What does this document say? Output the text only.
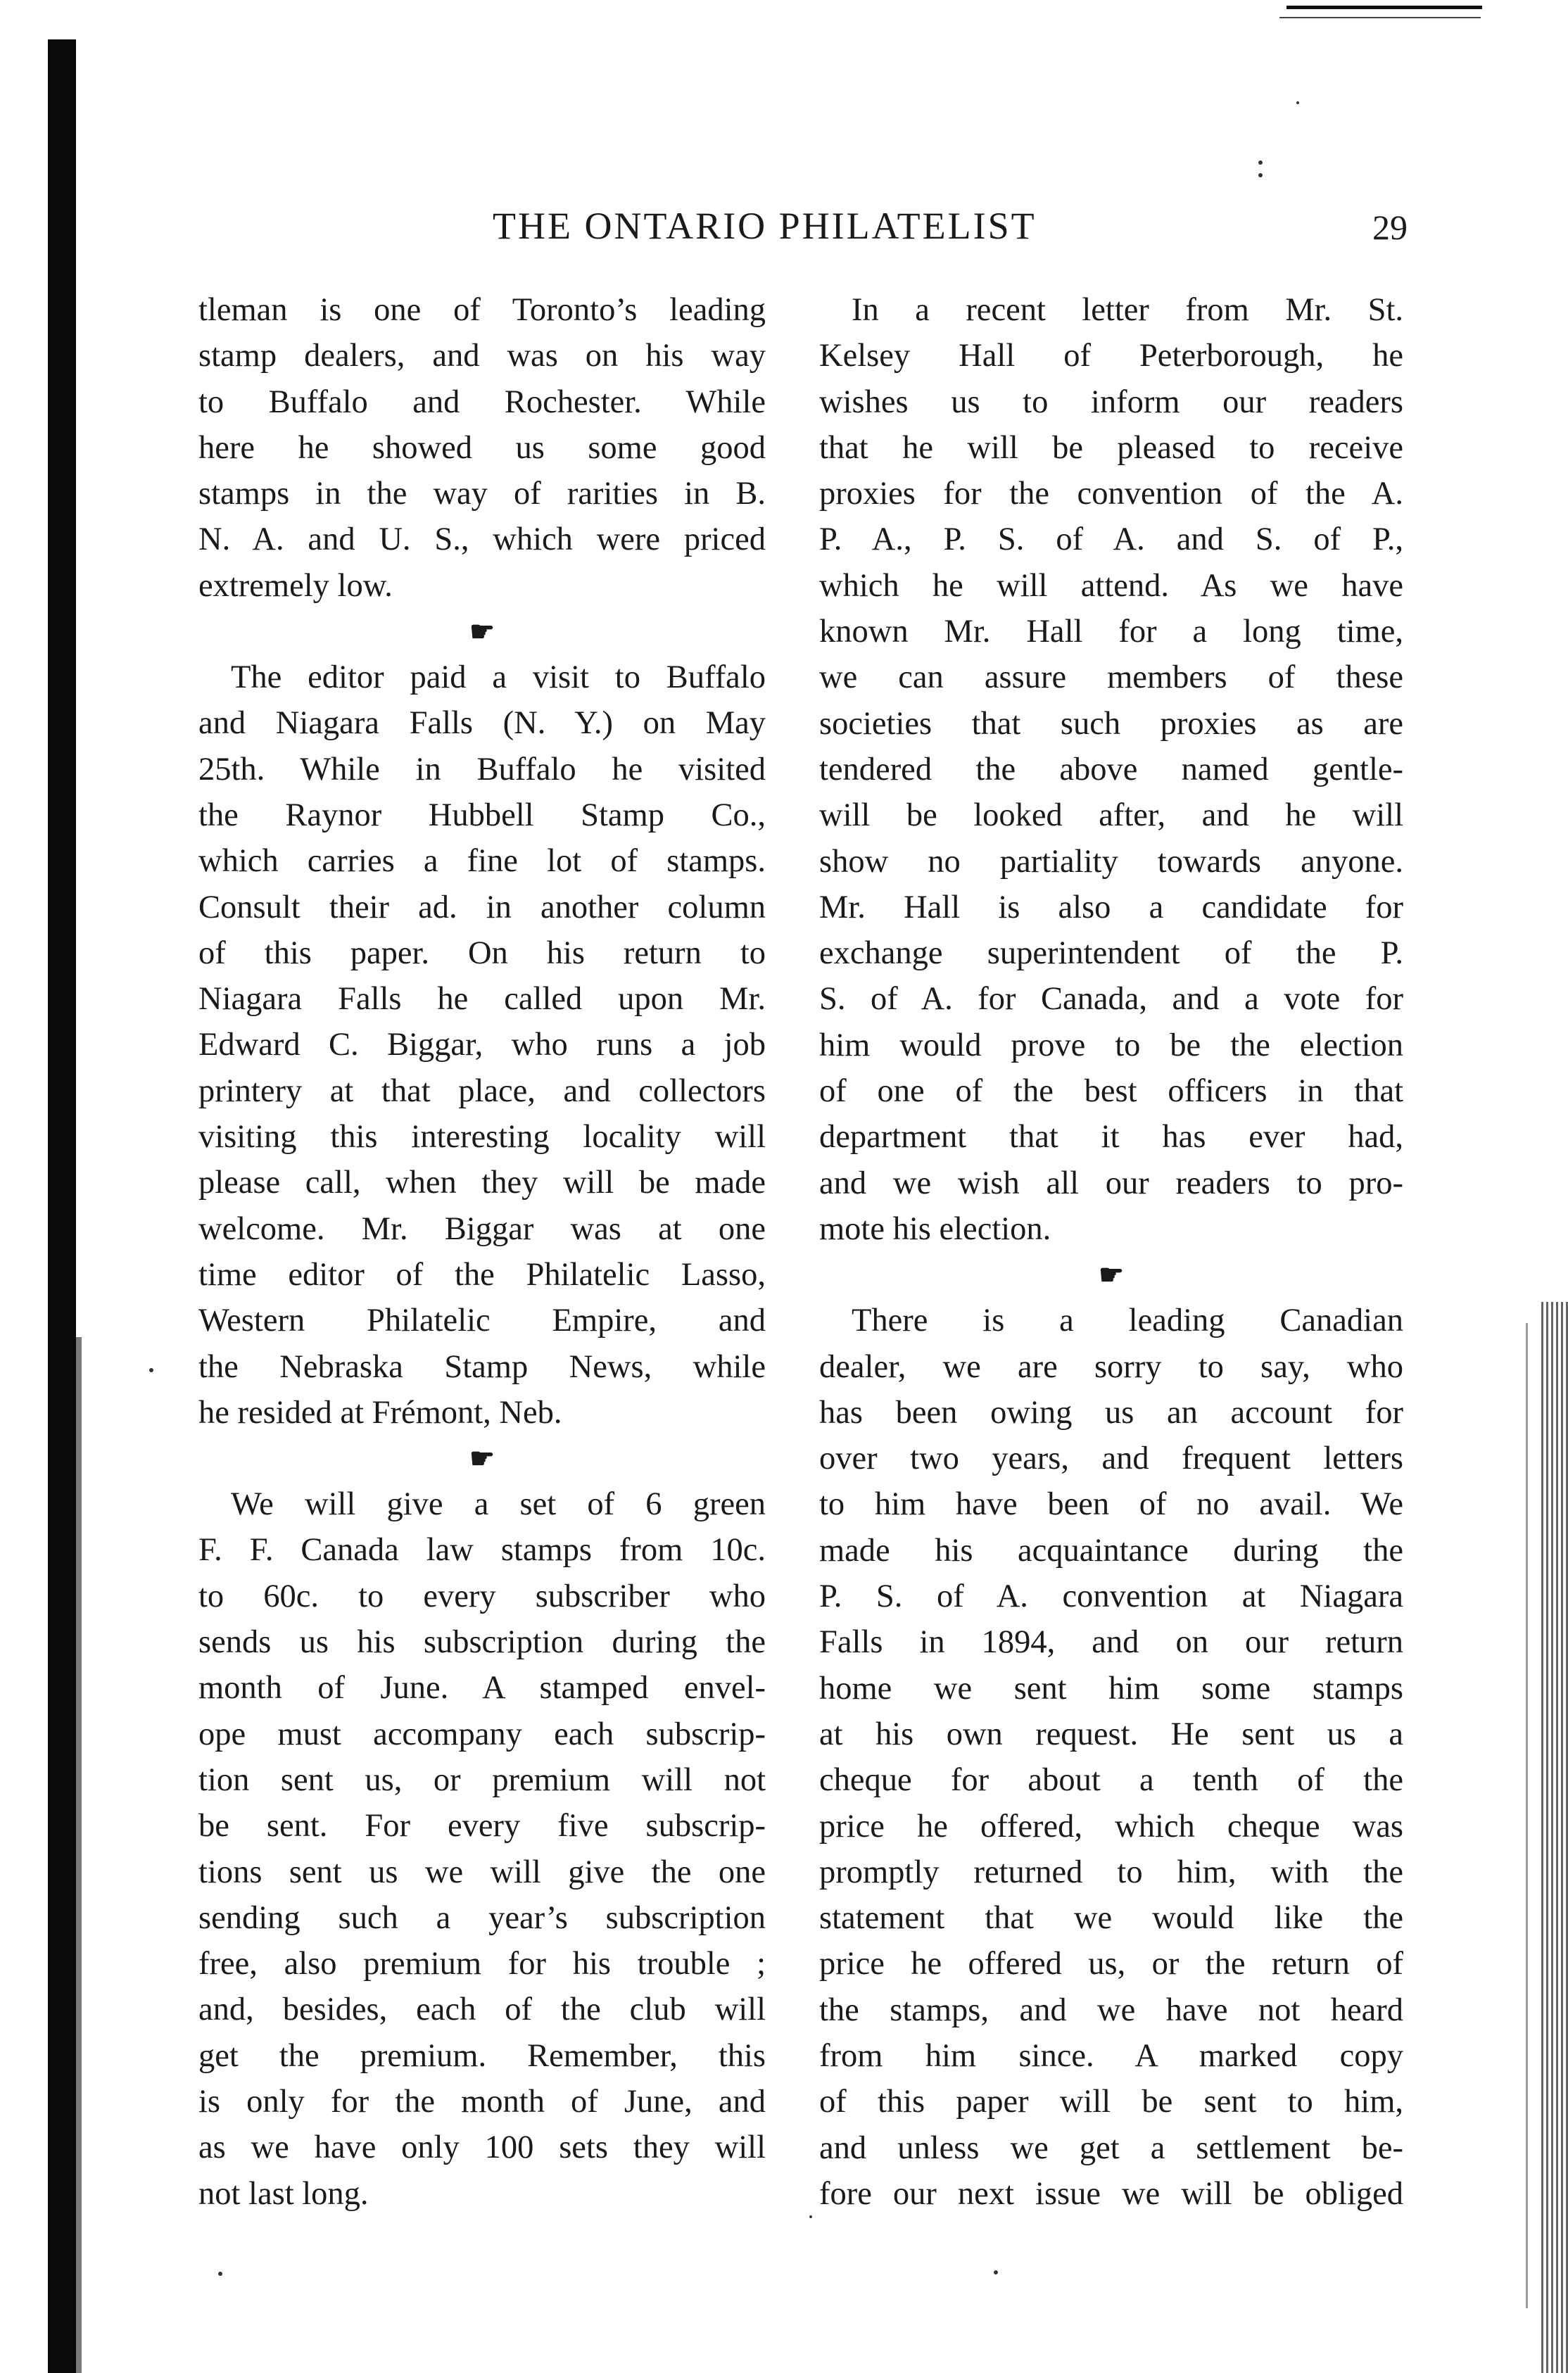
THE ONTARIO PHILATELIST	29
tleman is one of Toronto’s leading
stamp dealers, and was on his way
to Buffalo and Rochester. While
here he showed us some good
stamps in the way of rarities in B.
N. A. and U. S., which were priced
extremely low.
☛
The editor paid a visit to Buffalo
and Niagara Falls (N. Y.) on May
25th. While in Buffalo he visited
the Raynor Hubbell Stamp Co.,
which carries a fine lot of stamps.
Consult their ad. in another column
of this paper. On his return to
Niagara Falls he called upon Mr.
Edward C. Biggar, who runs a job
printery at that place, and collectors
visiting this interesting locality will
please call, when they will be made
welcome. Mr. Biggar was at one
time editor of the Philatelic Lasso,
Western Philatelic Empire, and
the Nebraska Stamp News, while
he resided at Frémont, Neb.
☛
We will give a set of 6 green
F. F. Canada law stamps from 10c.
to 60c. to every subscriber who
sends us his subscription during the
month of June. A stamped envel-
ope must accompany each subscrip-
tion sent us, or premium will not
be sent. For every five subscrip-
tions sent us we will give the one
sending such a year’s subscription
free, also premium for his trouble ;
and, besides, each of the club will
get the premium. Remember, this
is only for the month of June, and
as we have only 100 sets they will
not last long.
In a recent letter from Mr. St.
Kelsey Hall of Peterborough, he
wishes us to inform our readers
that he will be pleased to receive
proxies for the convention of the A.
P. A., P. S. of A. and S. of P.,
which he will attend. As we have
known Mr. Hall for a long time,
we can assure members of these
societies that such proxies as are
tendered the above named gentle-
will be looked after, and he will
show no partiality towards anyone.
Mr. Hall is also a candidate for
exchange superintendent of the P.
S. of A. for Canada, and a vote for
him would prove to be the election
of one of the best officers in that
department that it has ever had,
and we wish all our readers to pro-
mote his election.
☛
There is a leading Canadian
dealer, we are sorry to say, who
has been owing us an account for
over two years, and frequent letters
to him have been of no avail. We
made his acquaintance during the
P. S. of A. convention at Niagara
Falls in 1894, and on our return
home we sent him some stamps
at his own request. He sent us a
cheque for about a tenth of the
price he offered, which cheque was
promptly returned to him, with the
statement that we would like the
price he offered us, or the return of
the stamps, and we have not heard
from him since. A marked copy
of this paper will be sent to him,
and unless we get a settlement be-
fore our next issue we will be obliged
